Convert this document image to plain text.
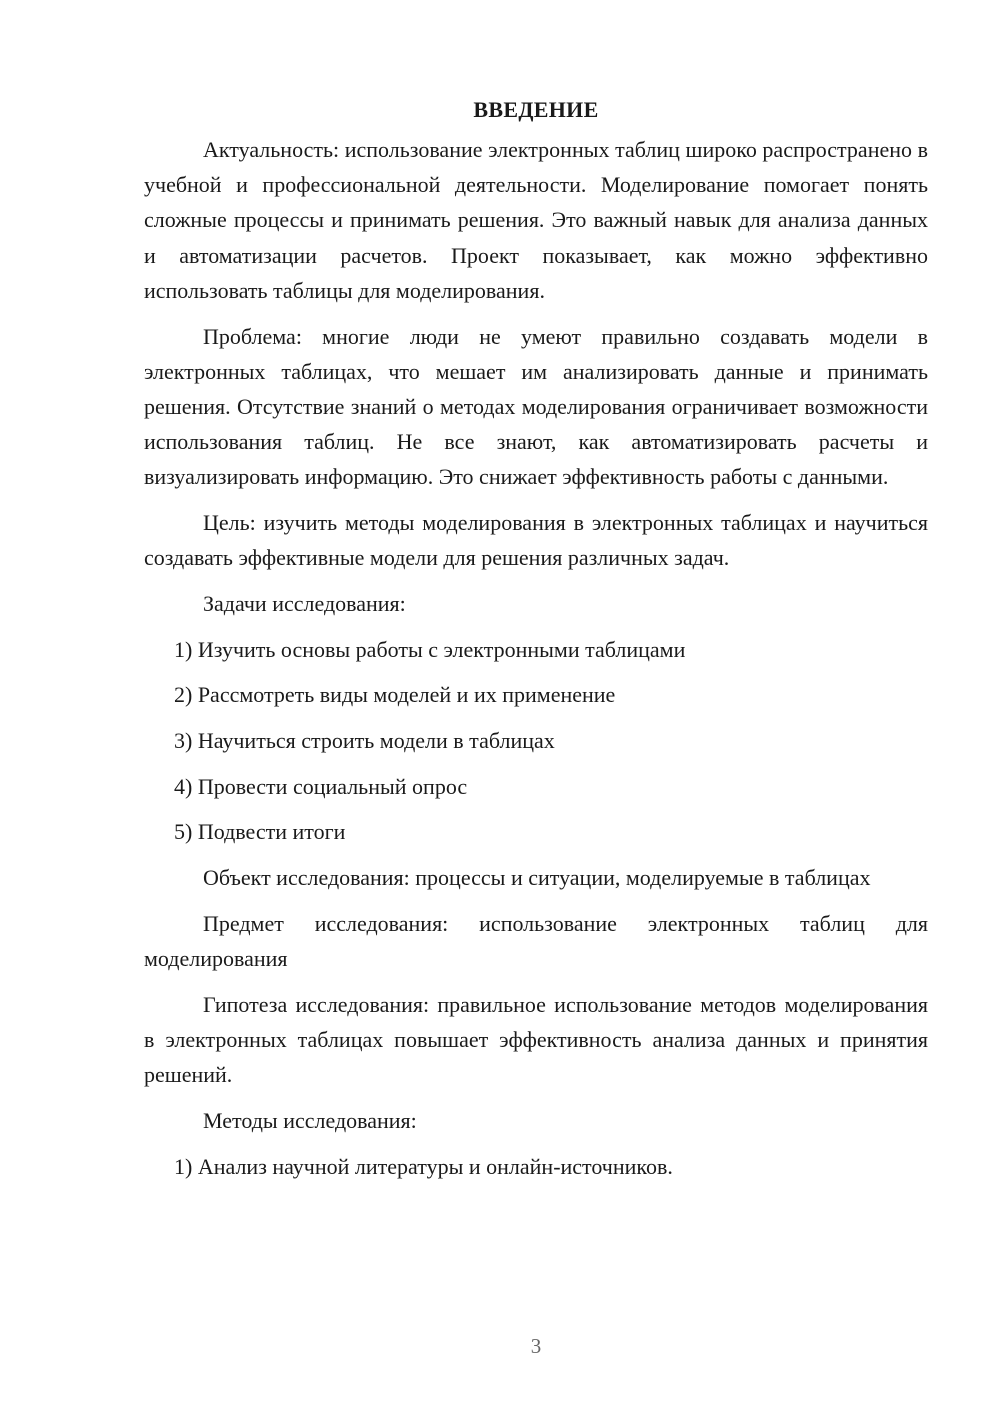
ВВЕДЕНИЕ

Актуальность: использование электронных таблиц широко распространено в учебной и профессиональной деятельности. Моделирование помогает понять сложные процессы и принимать решения. Это важный навык для анализа данных и автоматизации расчетов. Проект показывает, как можно эффективно использовать таблицы для моделирования.

Проблема: многие люди не умеют правильно создавать модели в электронных таблицах, что мешает им анализировать данные и принимать решения. Отсутствие знаний о методах моделирования ограничивает возможности использования таблиц. Не все знают, как автоматизировать расчеты и визуализировать информацию. Это снижает эффективность работы с данными.

Цель: изучить методы моделирования в электронных таблицах и научиться создавать эффективные модели для решения различных задач.

Задачи исследования:

1) Изучить основы работы с электронными таблицами
2) Рассмотреть виды моделей и их применение
3) Научиться строить модели в таблицах
4) Провести социальный опрос
5) Подвести итоги

Объект исследования: процессы и ситуации, моделируемые в таблицах

Предмет исследования: использование электронных таблиц для моделирования

Гипотеза исследования: правильное использование методов моделирования в электронных таблицах повышает эффективность анализа данных и принятия решений.

Методы исследования:

1) Анализ научной литературы и онлайн-источников.
3
